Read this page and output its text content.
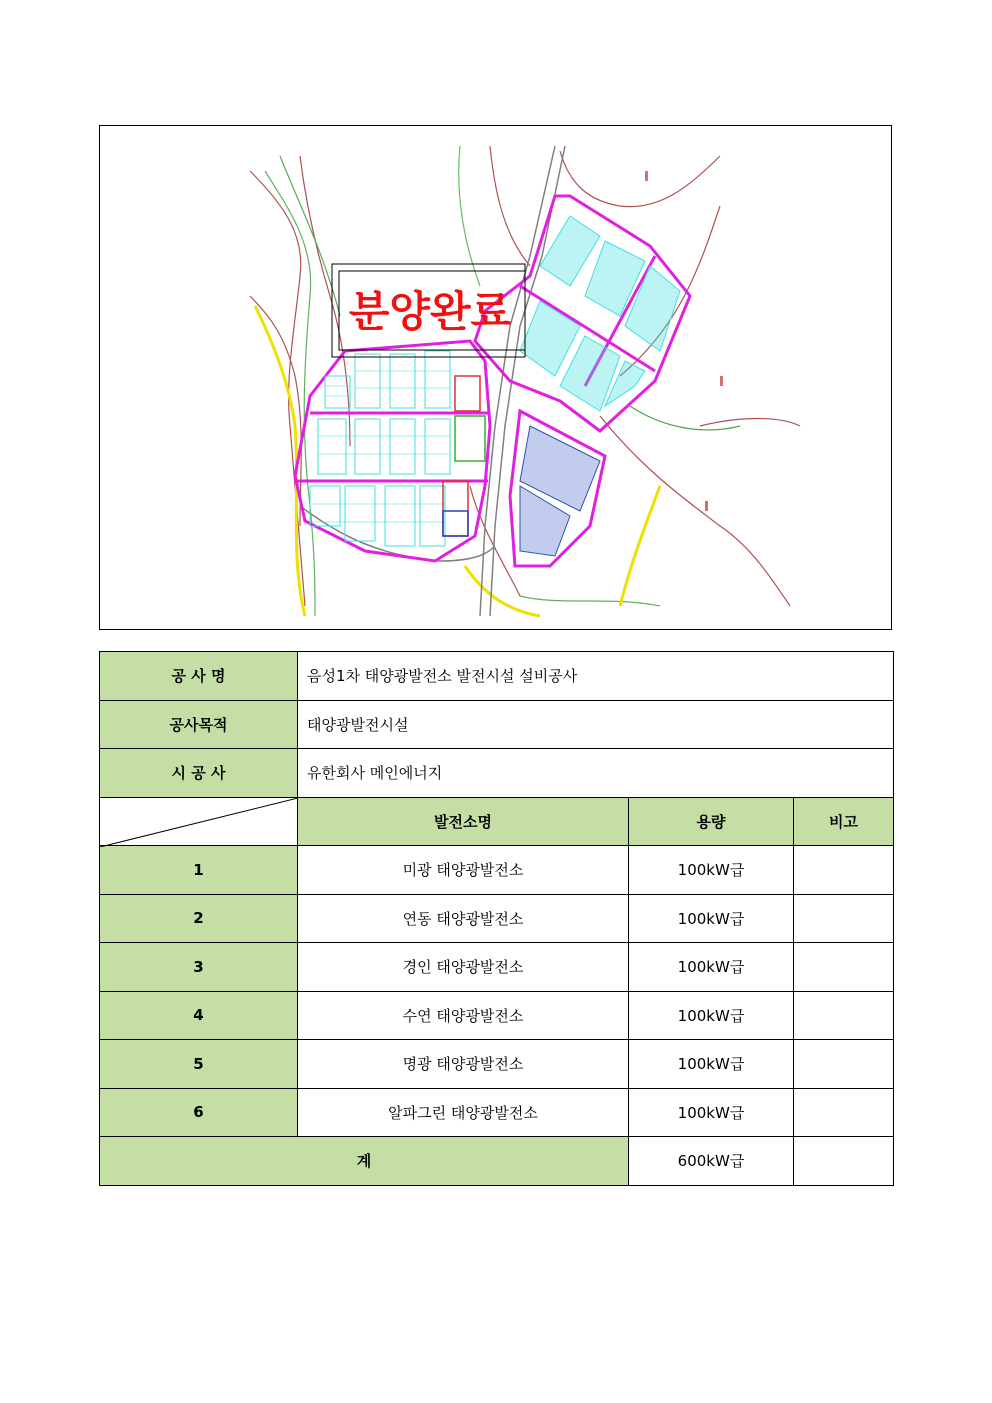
분양완료
공 사 명	음성1차 태양광발전소 발전시설 설비공사		
공사목적	태양광발전시설		
시 공 사	유한회사 메인에너지		

	발전소명	용량	비고
1	미광 태양광발전소	100kW급	
2	연동 태양광발전소	100kW급	
3	경인 태양광발전소	100kW급	
4	수연 태양광발전소	100kW급	
5	명광 태양광발전소	100kW급	
6	알파그린 태양광발전소	100kW급	
계		600kW급	
